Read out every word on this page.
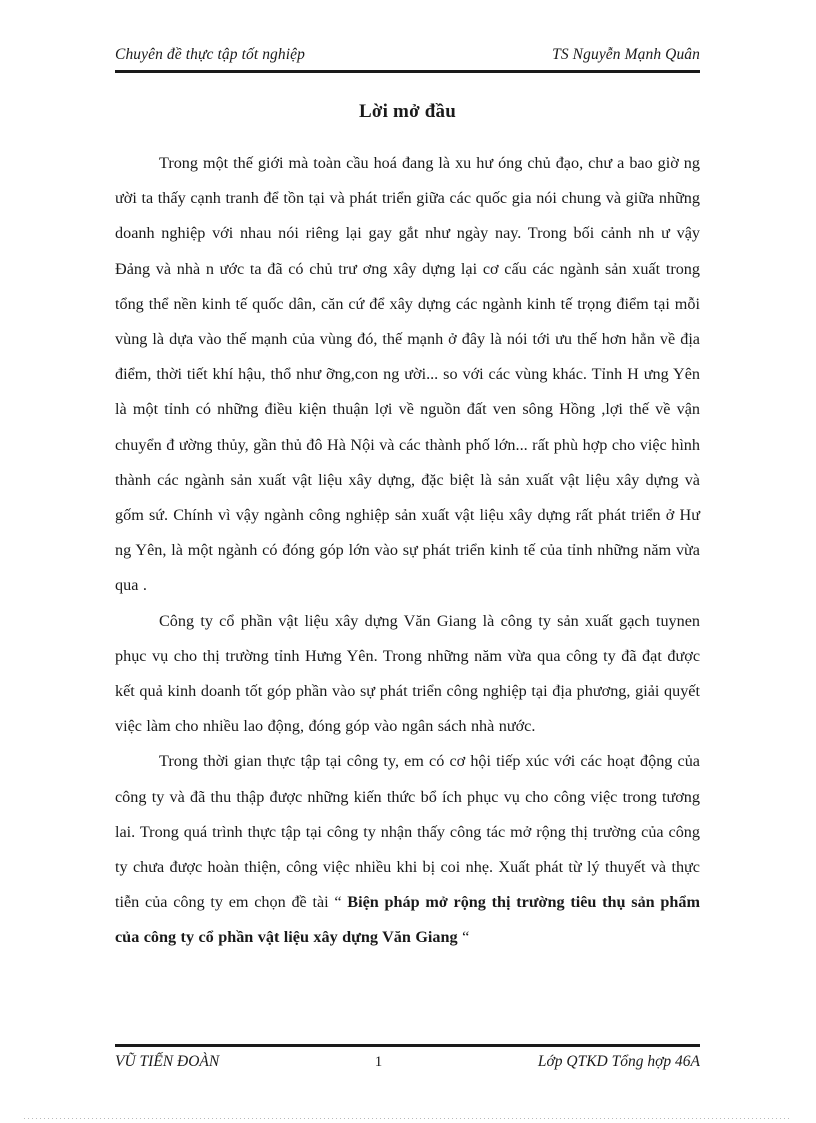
Chuyên đề thực tập tốt nghiệp	TS Nguyễn Mạnh Quân
Lời mở đầu

Trong một thế giới mà toàn cầu hoá đang là xu hư óng chủ đạo, chư a bao giờ ng ười ta thấy cạnh tranh để tồn tại và phát triển giữa các quốc gia nói chung và giữa những doanh nghiệp với nhau nói riêng lại gay gắt như ngày nay. Trong bối cảnh nh ư vậy Đảng và nhà n ước ta đã có chủ trư ơng xây dựng lại cơ cấu các ngành sản xuất trong tổng thể nền kinh tế quốc dân, căn cứ để xây dựng các ngành kinh tế trọng điểm tại mỗi vùng là dựa vào thế mạnh của vùng đó, thế mạnh ở đây là nói tới ưu thế hơn hẳn về địa điểm, thời tiết khí hậu, thổ như ỡng,con ng ười... so với các vùng khác. Tỉnh H ưng Yên là một tỉnh có những điều kiện thuận lợi về nguồn đất ven sông Hồng ,lợi thế về vận chuyển đ ường thủy, gần thủ đô Hà Nội và các thành phố lớn... rất phù hợp cho việc hình thành các ngành sản xuất vật liệu xây dựng, đặc biệt là sản xuất vật liệu xây dựng và gốm sứ. Chính vì vậy ngành công nghiệp sản xuất vật liệu xây dựng rất phát triển ở Hư ng Yên, là một ngành có đóng góp lớn vào sự phát triển kinh tế của tỉnh những năm vừa qua .

Công ty cổ phần vật liệu xây dựng Văn Giang là công ty sản xuất gạch tuynen phục vụ cho thị trường tỉnh Hưng Yên. Trong những năm vừa qua công ty đã đạt được kết quả kinh doanh tốt góp phần vào sự phát triển công nghiệp tại địa phương, giải quyết việc làm cho nhiều lao động, đóng góp vào ngân sách nhà nước.

Trong thời gian thực tập tại công ty, em có cơ hội tiếp xúc với các hoạt động của công ty và đã thu thập được những kiến thức bổ ích phục vụ cho công việc trong tương lai. Trong quá trình thực tập tại công ty nhận thấy công tác mở rộng thị trường của công ty chưa được hoàn thiện, công việc nhiều khi bị coi nhẹ. Xuất phát từ lý thuyết và thực tiễn của công ty em chọn đề tài “ Biện pháp mở rộng thị trường tiêu thụ sản phẩm của công ty cổ phần vật liệu xây dựng Văn Giang “

VŨ TIẾN ĐOÀN	1	Lớp QTKD Tổng hợp 46A
